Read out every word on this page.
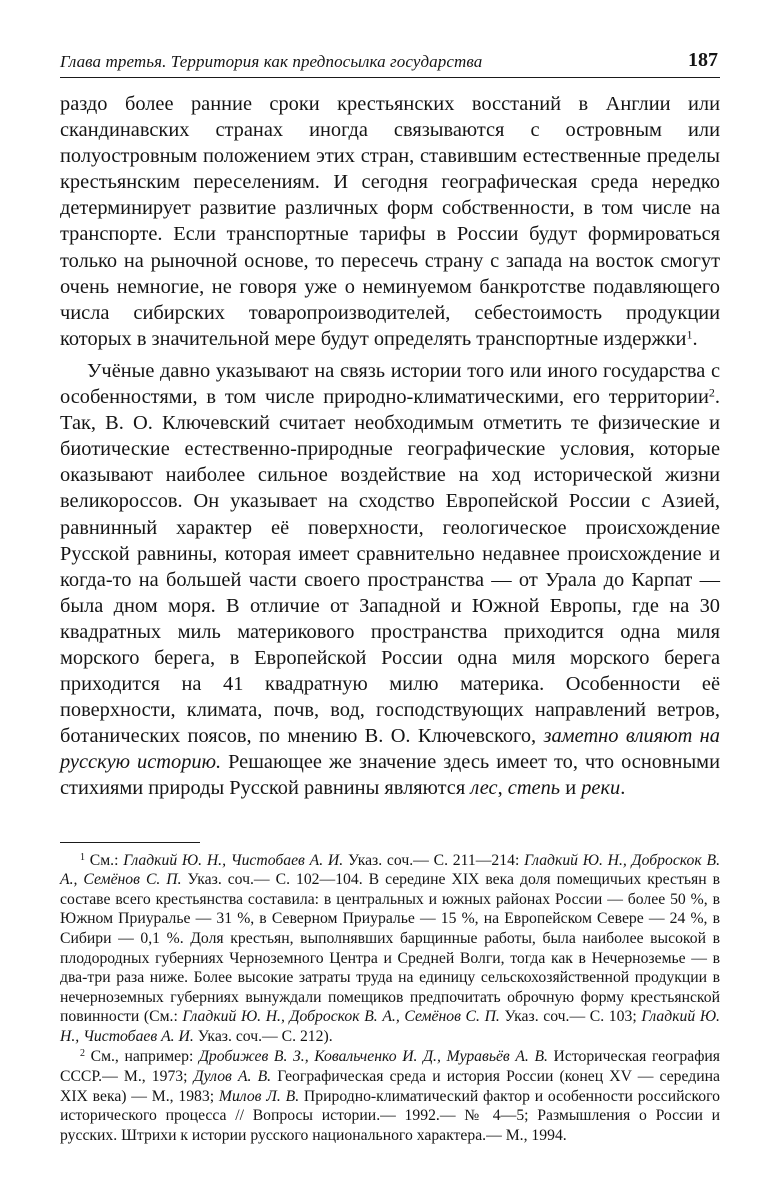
Глава третья. Территория как предпосылка государства	187

раздо более ранние сроки крестьянских восстаний в Англии или скандинавских странах иногда связываются с островным или полуостровным положением этих стран, ставившим естественные пределы крестьянским переселениям. И сегодня географическая среда нередко детерминирует развитие различных форм собственности, в том числе на транспорте. Если транспортные тарифы в России будут формироваться только на рыночной основе, то пересечь страну с запада на восток смогут очень немногие, не говоря уже о неминуемом банкротстве подавляющего числа сибирских товаропроизводителей, себестоимость продукции которых в значительной мере будут определять транспортные издержки$^1$.

Учёные давно указывают на связь истории того или иного государства с особенностями, в том числе природно-климатическими, его территории$^2$. Так, В. О. Ключевский считает необходимым отметить те физические и биотические естественно-природные географические условия, которые оказывают наиболее сильное воздействие на ход исторической жизни великороссов. Он указывает на сходство Европейской России с Азией, равнинный характер её поверхности, геологическое происхождение Русской равнины, которая имеет сравнительно недавнее происхождение и когда-то на большей части своего пространства — от Урала до Карпат — была дном моря. В отличие от Западной и Южной Европы, где на 30 квадратных миль материкового пространства приходится одна миля морского берега, в Европейской России одна миля морского берега приходится на 41 квадратную милю материка. Особенности её поверхности, климата, почв, вод, господствующих направлений ветров, ботанических поясов, по мнению В. О. Ключевского, заметно влияют на русскую историю. Решающее же значение здесь имеет то, что основными стихиями природы Русской равнины являются лес, степь и реки.

$^1$ См.: Гладкий Ю. Н., Чистобаев А. И. Указ. соч.— С. 211—214: Гладкий Ю. Н., Доброскок В. А., Семёнов С. П. Указ. соч.— С. 102—104. В середине XIX века доля помещичьих крестьян в составе всего крестьянства составила: в центральных и южных районах России — более 50 %, в Южном Приуралье — 31 %, в Северном Приуралье — 15 %, на Европейском Севере — 24 %, в Сибири — 0,1 %. Доля крестьян, выполнявших барщинные работы, была наиболее высокой в плодородных губерниях Черноземного Центра и Средней Волги, тогда как в Нечерноземье — в два-три раза ниже. Более высокие затраты труда на единицу сельскохозяйственной продукции в нечерноземных губерниях вынуждали помещиков предпочитать оброчную форму крестьянской повинности (См.: Гладкий Ю. Н., Доброскок В. А., Семёнов С. П. Указ. соч.— С. 103; Гладкий Ю. Н., Чистобаев А. И. Указ. соч.— С. 212).

$^2$ См., например: Дробижев В. З., Ковальченко И. Д., Муравьёв А. В. Историческая география СССР.— М., 1973; Дулов А. В. Географическая среда и история России (конец XV — середина XIX века) — М., 1983; Милов Л. В. Природно-климатический фактор и особенности российского исторического процесса // Вопросы истории.— 1992.— № 4—5; Размышления о России и русских. Штрихи к истории русского национального характера.— М., 1994.
